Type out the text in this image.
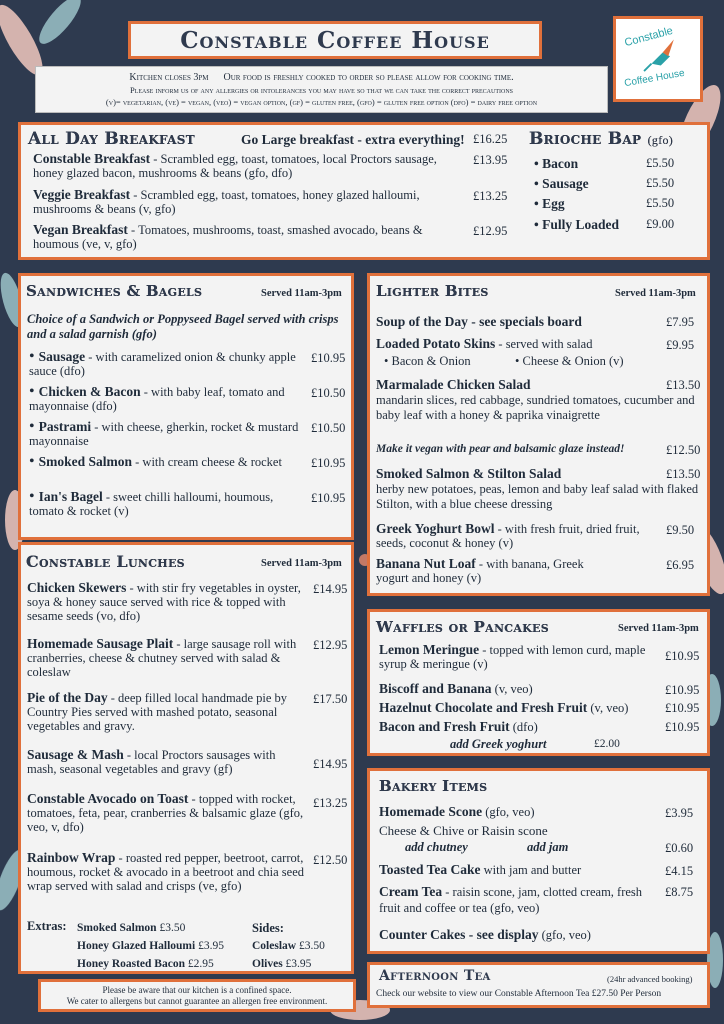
Constable Coffee House	Constable
Coffee House
Kitchen closes 3pm Our food is freshly cooked to order so please allow for cooking time.
Please inform us of any allergies or intolerances you may have so that we can take the correct precautions
(v)= vegetarian, (ve) = vegan, (veo) = vegan option, (gf) = gluten free, (gfo) = gluten free option (dfo) = dairy free option
All Day Breakfast	Go Large breakfast - extra everything! £16.25
Constable Breakfast - Scrambled egg, toast, tomatoes, local Proctors sausage, honey glazed bacon, mushrooms & beans (gfo, dfo)
£13.95
Veggie Breakfast - Scrambled egg, toast, tomatoes, honey glazed halloumi, mushrooms & beans (v, gfo)
£13.25
Vegan Breakfast - Tomatoes, mushrooms, toast, smashed avocado, beans & houmous (ve, v, gfo)
£12.95
Brioche Bap (gfo)
• Bacon	£5.50
• Sausage	£5.50
• Egg	£5.50
• Fully Loaded £9.00
Sandwiches & Bagels	Served 11am-3pm
Choice of a Sandwich or Poppyseed Bagel served with crisps and a salad garnish (gfo)
• Sausage - with caramelized onion & chunky apple sauce (dfo)
£10.95
• Chicken & Bacon - with baby leaf, tomato and mayonnaise (dfo)
£10.50
• Pastrami - with cheese, gherkin, rocket & mustard mayonnaise
£10.50
• Smoked Salmon - with cream cheese & rocket	£10.95
• Ian's Bagel - sweet chilli halloumi, houmous, tomato & rocket (v)
£10.95
Lighter Bites	Served 11am-3pm
Soup of the Day - see specials board	£7.95
Loaded Potato Skins - served with salad	£9.95
• Bacon & Onion	• Cheese & Onion (v)
Marmalade Chicken Salad	£13.50
mandarin slices, red cabbage, sundried tomatoes, cucumber and baby leaf with a honey & paprika vinaigrette
Make it vegan with pear and balsamic glaze instead!	£12.50
Smoked Salmon & Stilton Salad	£13.50
herby new potatoes, peas, lemon and baby leaf salad with flaked Stilton, with a blue cheese dressing
Greek Yoghurt Bowl - with fresh fruit, dried fruit, seeds, coconut & honey (v)
£9.50
Banana Nut Loaf - with banana, Greek yogurt and honey (v)
£6.95
Constable Lunches	Served 11am-3pm
Chicken Skewers - with stir fry vegetables in oyster, soya & honey sauce served with rice & topped with sesame seeds (vo, dfo)
£14.95
Homemade Sausage Plait - large sausage roll with cranberries, cheese & chutney served with salad & coleslaw
£12.95
Pie of the Day - deep filled local handmade pie by Country Pies served with mashed potato, seasonal vegetables and gravy.
£17.50
Sausage & Mash - local Proctors sausages with mash, seasonal vegetables and gravy (gf)	£14.95
Constable Avocado on Toast - topped with rocket, tomatoes, feta, pear, cranberries & balsamic glaze (gfo, veo, v, dfo)
£13.25
Rainbow Wrap - roasted red pepper, beetroot, carrot, houmous, rocket & avocado in a beetroot and chia seed wrap served with salad and crisps (ve, gfo)
£12.50
Extras: Smoked Salmon £3.50
Honey Glazed Halloumi £3.95
Honey Roasted Bacon £2.95
Sides:
Coleslaw £3.50
Olives £3.95
Waffles or Pancakes	Served 11am-3pm
Lemon Meringue - topped with lemon curd, maple syrup & meringue (v)
£10.95
Biscoff and Banana (v, veo)	£10.95
Hazelnut Chocolate and Fresh Fruit (v, veo)	£10.95
Bacon and Fresh Fruit (dfo)	£10.95
add Greek yoghurt	£2.00
Bakery Items
Homemade Scone (gfo, veo)	£3.95
Cheese & Chive or Raisin scone
add chutney	add jam	£0.60
Toasted Tea Cake with jam and butter	£4.15
Cream Tea - raisin scone, jam, clotted cream, fresh fruit and coffee or tea (gfo, veo)
£8.75
Counter Cakes - see display (gfo, veo)
Afternoon Tea	(24hr advanced booking)
Check our website to view our Constable Afternoon Tea £27.50 Per Person
Please be aware that our kitchen is a confined space.
We cater to allergens but cannot guarantee an allergen free environment.
